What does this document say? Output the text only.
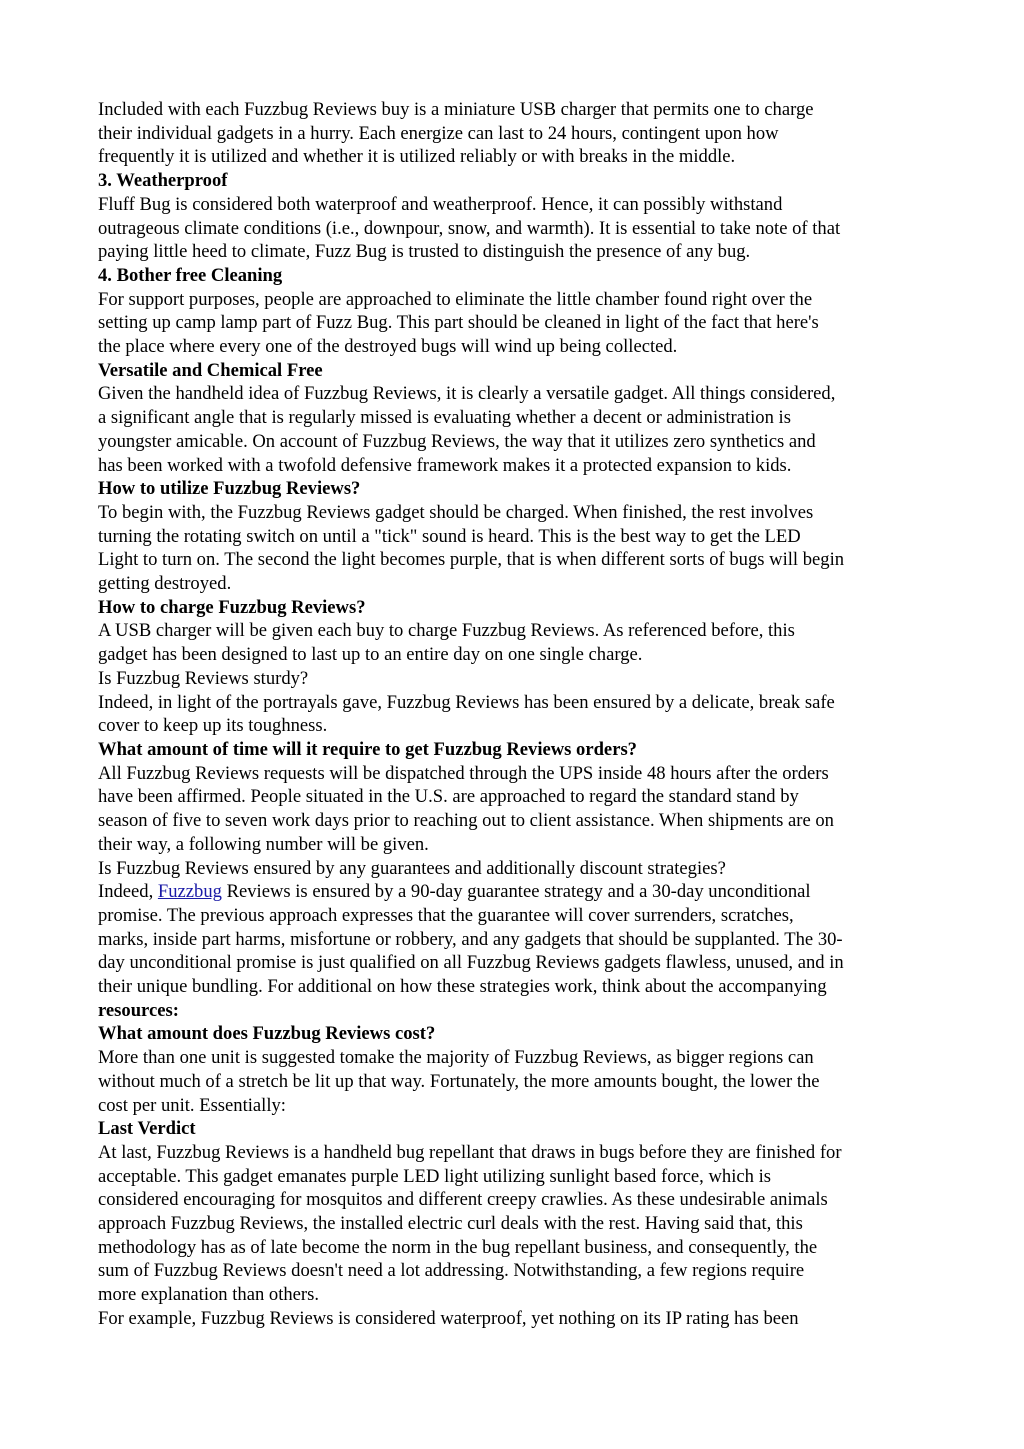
Included with each Fuzzbug Reviews buy is a miniature USB charger that permits one to charge
their individual gadgets in a hurry. Each energize can last to 24 hours, contingent upon how
frequently it is utilized and whether it is utilized reliably or with breaks in the middle.
3. Weatherproof
Fluff Bug is considered both waterproof and weatherproof. Hence, it can possibly withstand
outrageous climate conditions (i.e., downpour, snow, and warmth). It is essential to take note of that
paying little heed to climate, Fuzz Bug is trusted to distinguish the presence of any bug.
4. Bother free Cleaning
For support purposes, people are approached to eliminate the little chamber found right over the
setting up camp lamp part of Fuzz Bug. This part should be cleaned in light of the fact that here's
the place where every one of the destroyed bugs will wind up being collected.
Versatile and Chemical Free
Given the handheld idea of Fuzzbug Reviews, it is clearly a versatile gadget. All things considered,
a significant angle that is regularly missed is evaluating whether a decent or administration is
youngster amicable. On account of Fuzzbug Reviews, the way that it utilizes zero synthetics and
has been worked with a twofold defensive framework makes it a protected expansion to kids.
How to utilize Fuzzbug Reviews?
To begin with, the Fuzzbug Reviews gadget should be charged. When finished, the rest involves
turning the rotating switch on until a "tick" sound is heard. This is the best way to get the LED
Light to turn on. The second the light becomes purple, that is when different sorts of bugs will begin
getting destroyed.
How to charge Fuzzbug Reviews?
A USB charger will be given each buy to charge Fuzzbug Reviews. As referenced before, this
gadget has been designed to last up to an entire day on one single charge.
Is Fuzzbug Reviews sturdy?
Indeed, in light of the portrayals gave, Fuzzbug Reviews has been ensured by a delicate, break safe
cover to keep up its toughness.
What amount of time will it require to get Fuzzbug Reviews orders?
All Fuzzbug Reviews requests will be dispatched through the UPS inside 48 hours after the orders
have been affirmed. People situated in the U.S. are approached to regard the standard stand by
season of five to seven work days prior to reaching out to client assistance. When shipments are on
their way, a following number will be given.
Is Fuzzbug Reviews ensured by any guarantees and additionally discount strategies?
Indeed, Fuzzbug Reviews is ensured by a 90-day guarantee strategy and a 30-day unconditional
promise. The previous approach expresses that the guarantee will cover surrenders, scratches,
marks, inside part harms, misfortune or robbery, and any gadgets that should be supplanted. The 30-
day unconditional promise is just qualified on all Fuzzbug Reviews gadgets flawless, unused, and in
their unique bundling. For additional on how these strategies work, think about the accompanying
resources:
What amount does Fuzzbug Reviews cost?
More than one unit is suggested tomake the majority of Fuzzbug Reviews, as bigger regions can
without much of a stretch be lit up that way. Fortunately, the more amounts bought, the lower the
cost per unit. Essentially:
Last Verdict
At last, Fuzzbug Reviews is a handheld bug repellant that draws in bugs before they are finished for
acceptable. This gadget emanates purple LED light utilizing sunlight based force, which is
considered encouraging for mosquitos and different creepy crawlies. As these undesirable animals
approach Fuzzbug Reviews, the installed electric curl deals with the rest. Having said that, this
methodology has as of late become the norm in the bug repellant business, and consequently, the
sum of Fuzzbug Reviews doesn't need a lot addressing. Notwithstanding, a few regions require
more explanation than others.
For example, Fuzzbug Reviews is considered waterproof, yet nothing on its IP rating has been
